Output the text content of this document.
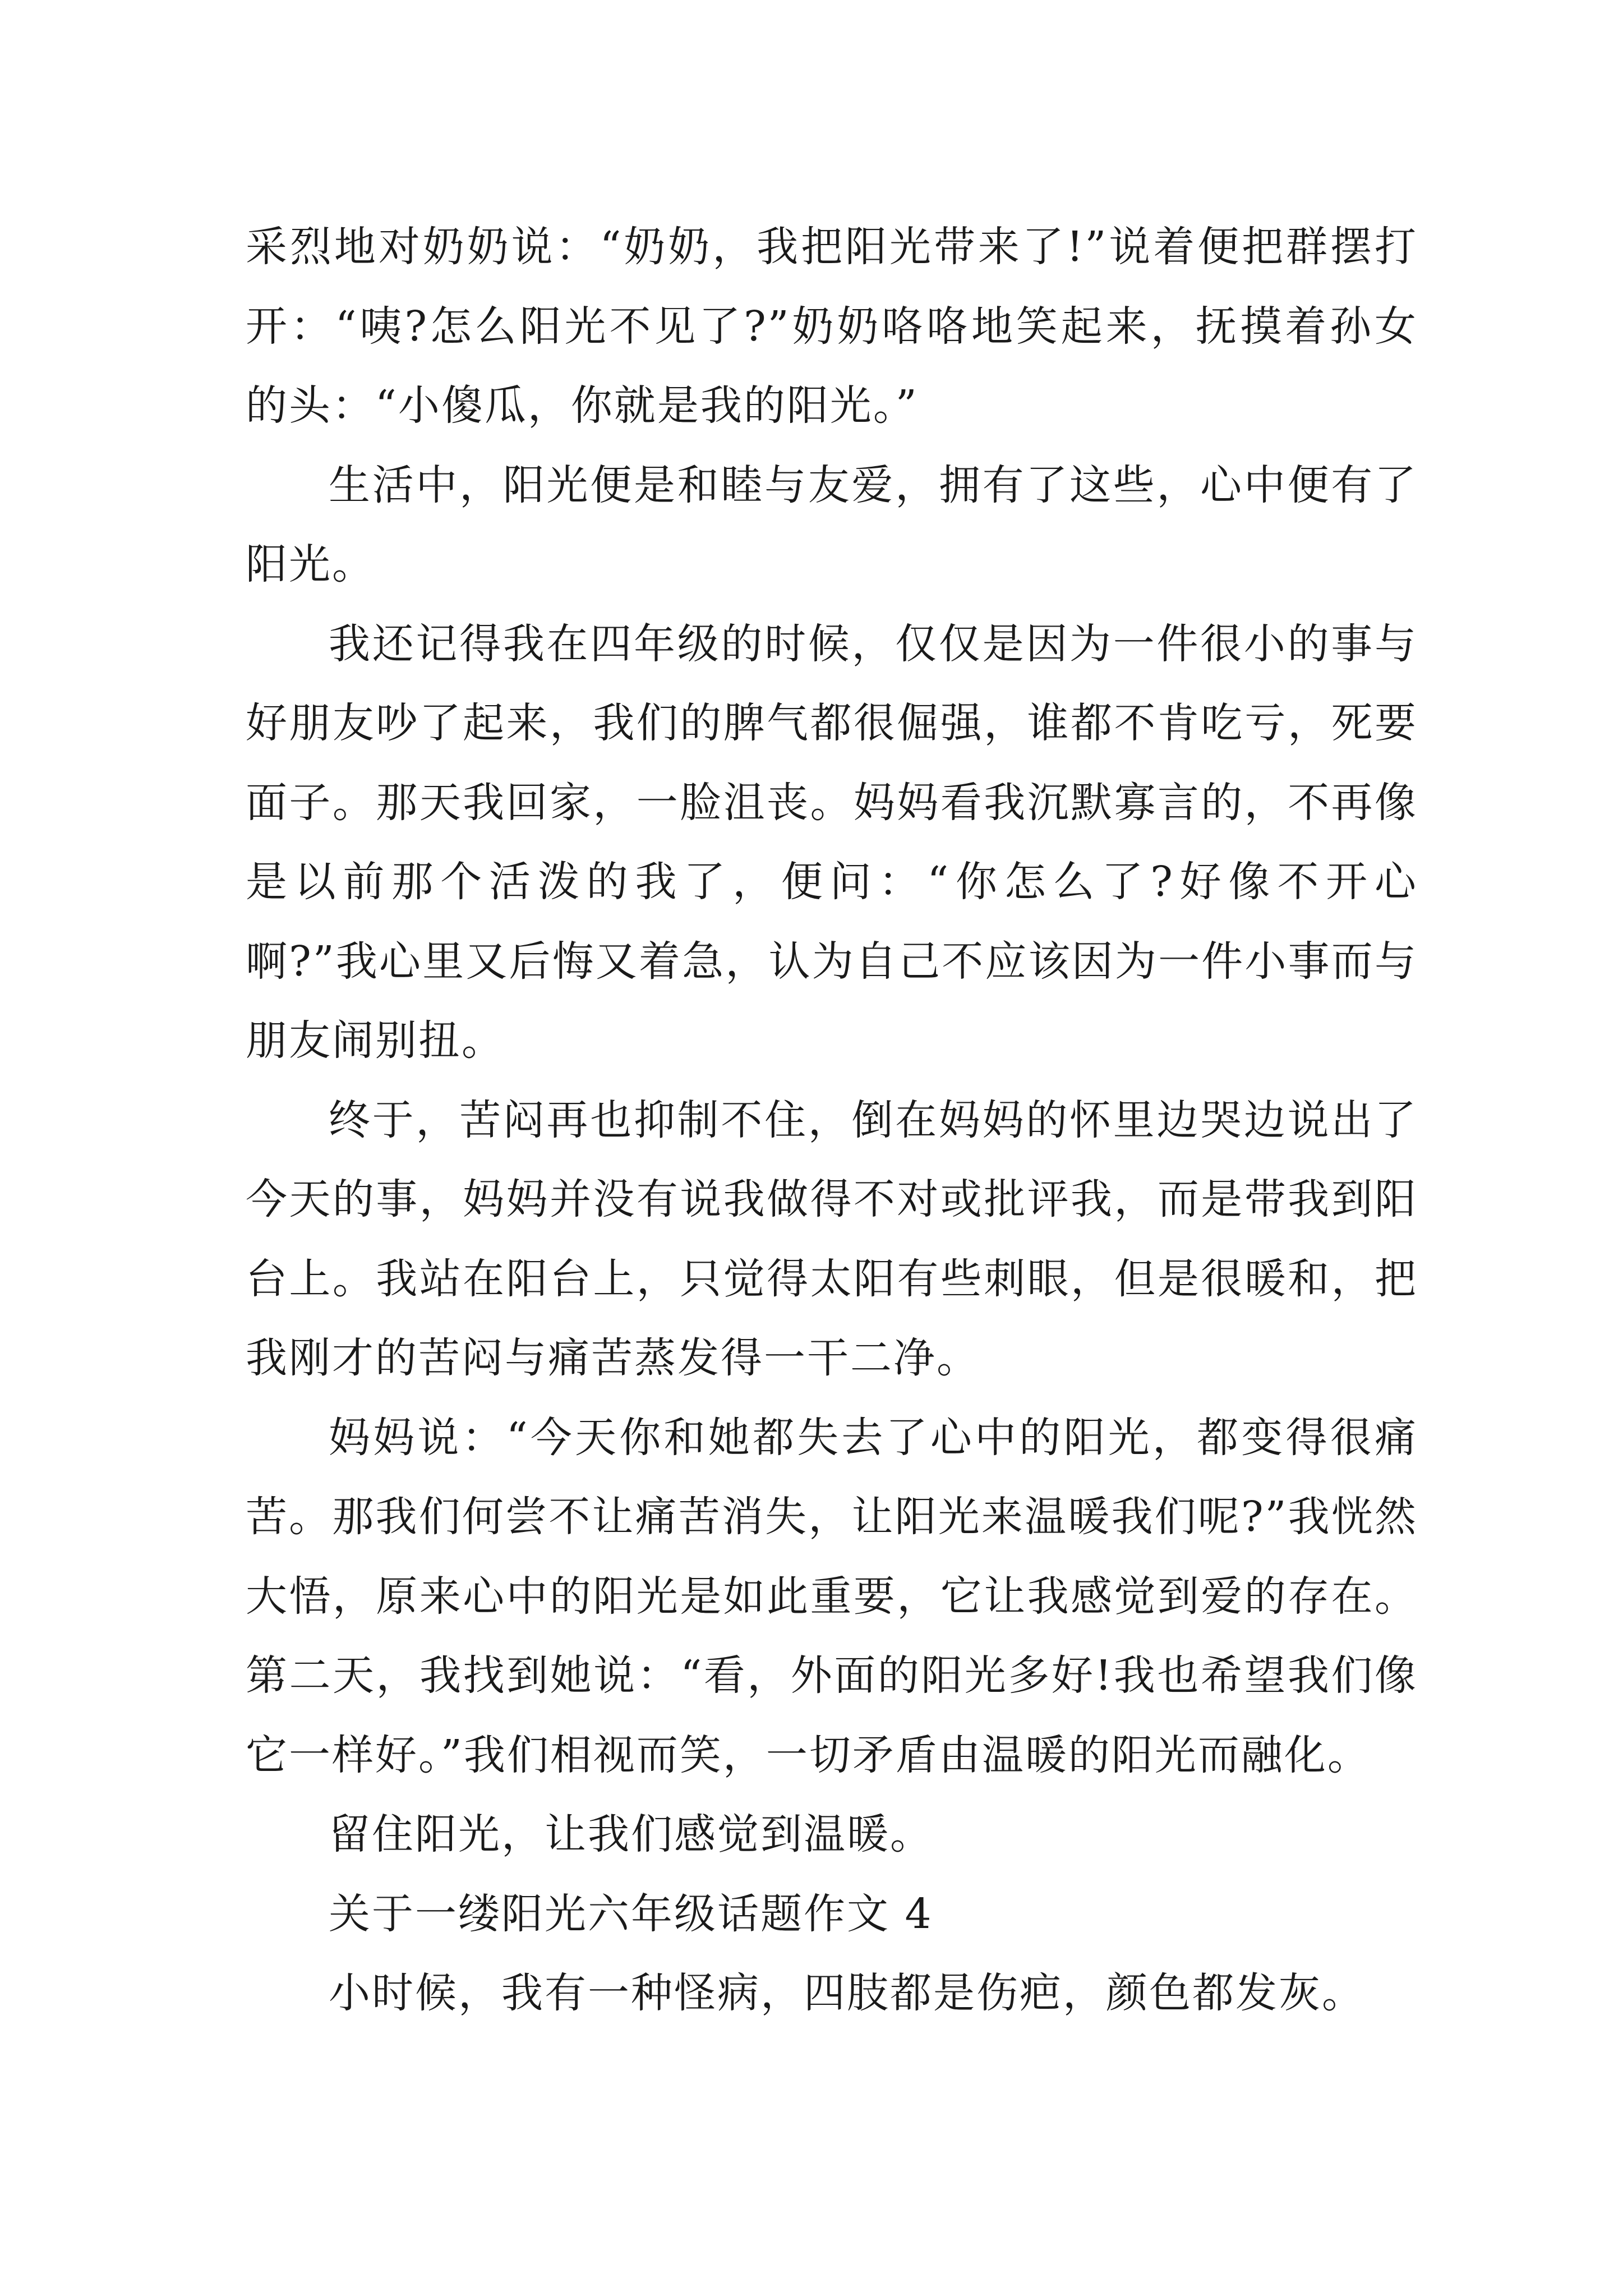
采烈地对奶奶说：“奶奶，我把阳光带来了!”说着便把群摆打开：“咦?怎么阳光不见了?”奶奶咯咯地笑起来，抚摸着孙女的头：“小傻瓜，你就是我的阳光。”

生活中，阳光便是和睦与友爱，拥有了这些，心中便有了阳光。

我还记得我在四年级的时候，仅仅是因为一件很小的事与好朋友吵了起来，我们的脾气都很倔强，谁都不肯吃亏，死要面子。那天我回家，一脸沮丧。妈妈看我沉默寡言的，不再像是以前那个活泼的我了，便问：“你怎么了?好像不开心啊?”我心里又后悔又着急，认为自己不应该因为一件小事而与朋友闹别扭。

终于，苦闷再也抑制不住，倒在妈妈的怀里边哭边说出了今天的事，妈妈并没有说我做得不对或批评我，而是带我到阳台上。我站在阳台上，只觉得太阳有些刺眼，但是很暖和，把我刚才的苦闷与痛苦蒸发得一干二净。

妈妈说：“今天你和她都失去了心中的阳光，都变得很痛苦。那我们何尝不让痛苦消失，让阳光来温暖我们呢?”我恍然大悟，原来心中的阳光是如此重要，它让我感觉到爱的存在。第二天，我找到她说：“看，外面的阳光多好!我也希望我们像它一样好。”我们相视而笑，一切矛盾由温暖的阳光而融化。

留住阳光，让我们感觉到温暖。

关于一缕阳光六年级话题作文 4

小时候，我有一种怪病，四肢都是伤疤，颜色都发灰。
